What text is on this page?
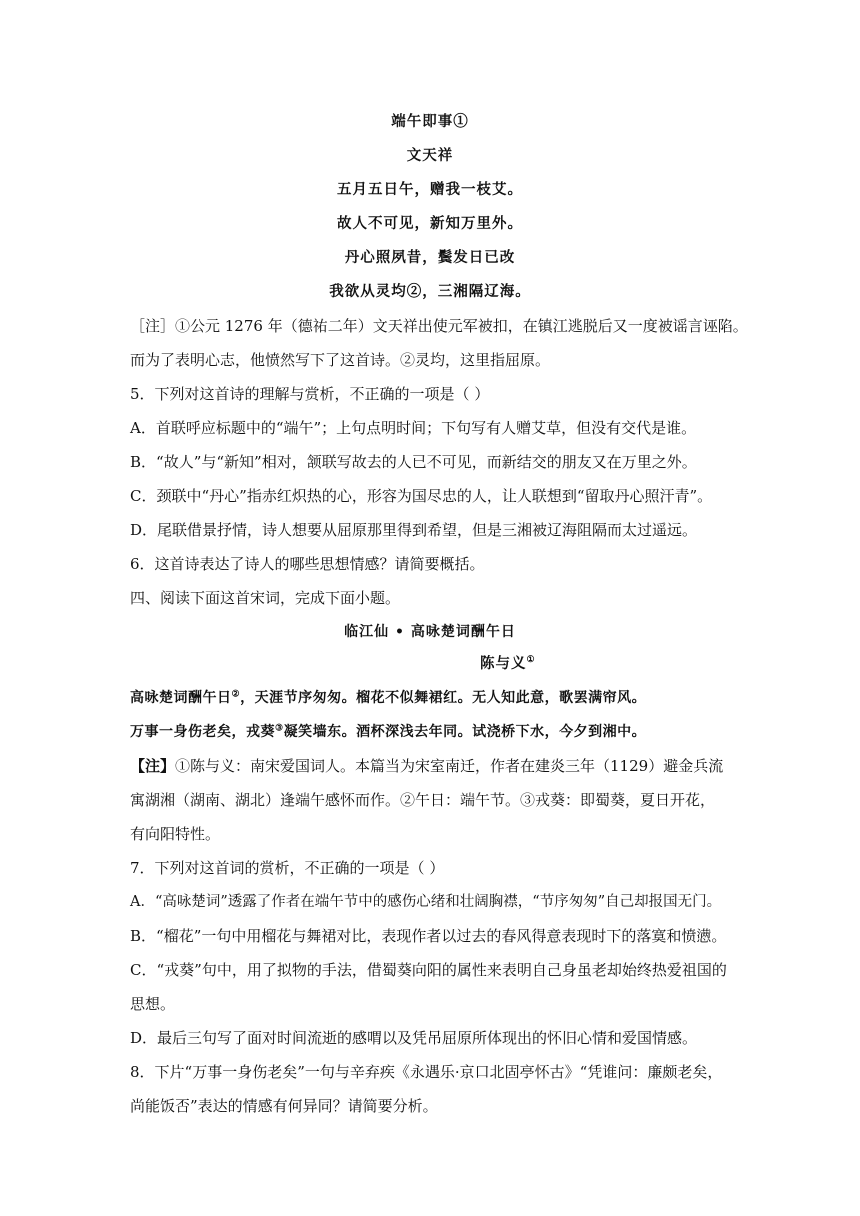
端午即事①
文天祥
五月五日午，赠我一枝艾。
故人不可见，新知万里外。
丹心照夙昔，鬓发日已改
我欲从灵均②，三湘隔辽海。
［注］①公元 1276 年（德祐二年）文天祥出使元军被扣，在镇江逃脱后又一度被谣言诬陷。
而为了表明心志，他愤然写下了这首诗。②灵均，这里指屈原。
5．下列对这首诗的理解与赏析，不正确的一项是（ ）
A．首联呼应标题中的“端午”；上句点明时间；下句写有人赠艾草，但没有交代是谁。
B．“故人”与“新知”相对，颔联写故去的人已不可见，而新结交的朋友又在万里之外。
C．颈联中“丹心”指赤红炽热的心，形容为国尽忠的人，让人联想到“留取丹心照汗青”。
D．尾联借景抒情，诗人想要从屈原那里得到希望，但是三湘被辽海阻隔而太过遥远。
6．这首诗表达了诗人的哪些思想情感？请简要概括。
四、阅读下面这首宋词，完成下面小题。
临江仙 • 高咏楚词酬午日
陈与义①
高咏楚词酬午日②，天涯节序匆匆。榴花不似舞裙红。无人知此意，歌罢满帘风。
万事一身伤老矣，戎葵③凝笑墙东。酒杯深浅去年同。试浇桥下水，今夕到湘中。
【注】①陈与义：南宋爱国词人。本篇当为宋室南迁，作者在建炎三年（1129）避金兵流
寓湖湘（湖南、湖北）逢端午感怀而作。②午日：端午节。③戎葵：即蜀葵，夏日开花，
有向阳特性。
7．下列对这首词的赏析，不正确的一项是（ ）
A．“高咏楚词”透露了作者在端午节中的感伤心绪和壮阔胸襟，“节序匆匆”自己却报国无门。
B．“榴花”一句中用榴花与舞裙对比，表现作者以过去的春风得意表现时下的落寞和愤懑。
C．“戎葵”句中，用了拟物的手法，借蜀葵向阳的属性来表明自己身虽老却始终热爱祖国的
思想。
D．最后三句写了面对时间流逝的感喟以及凭吊屈原所体现出的怀旧心情和爱国情感。
8．下片“万事一身伤老矣”一句与辛弃疾《永遇乐·京口北固亭怀古》“凭谁问：廉颇老矣，
尚能饭否”表达的情感有何异同？请简要分析。
